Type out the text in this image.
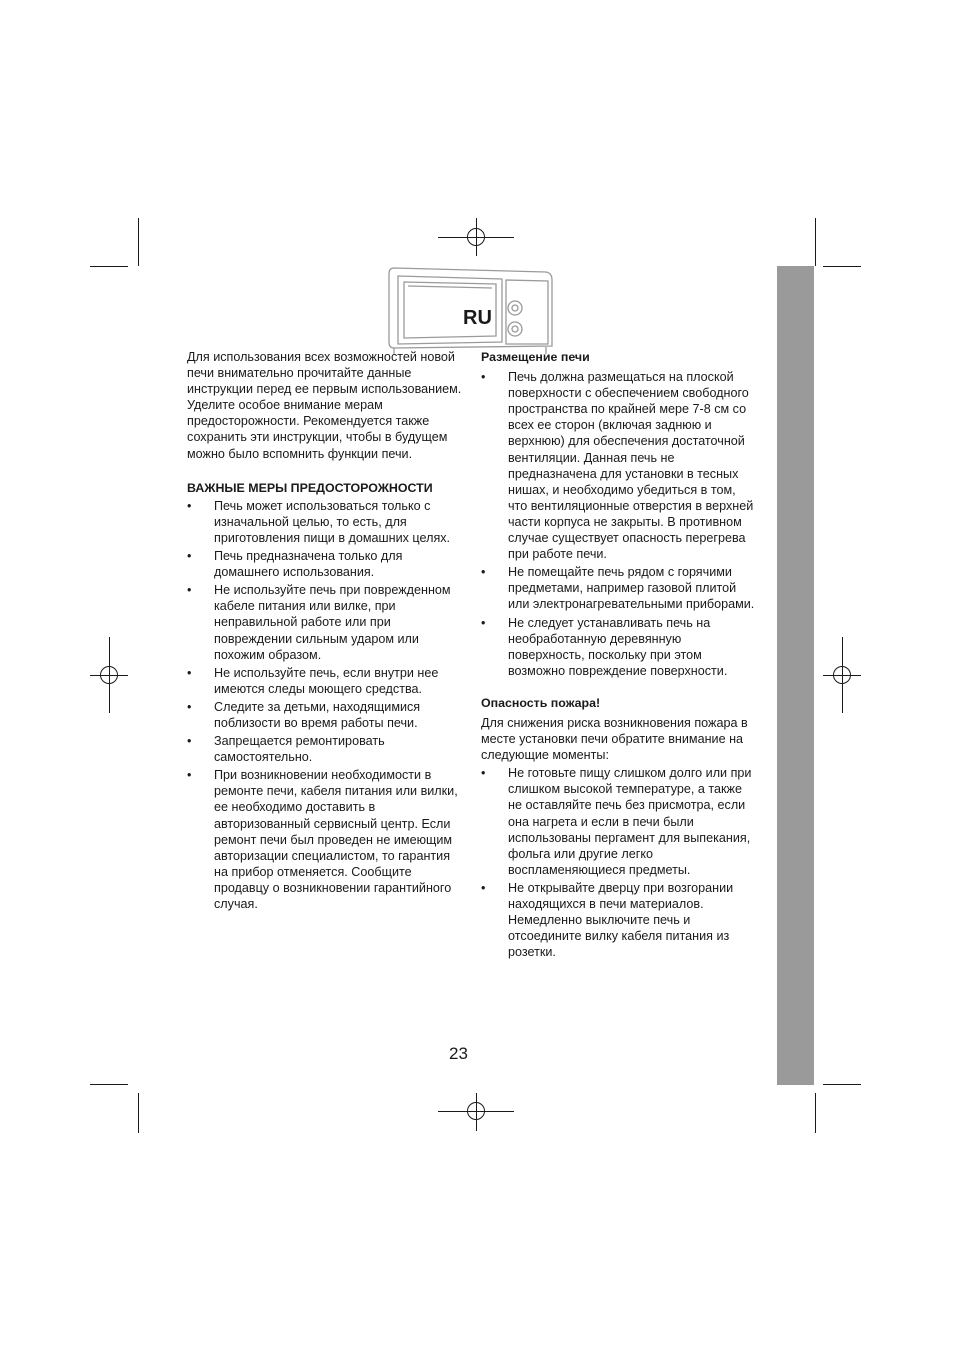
RU

Для использования всех возможностей новой печи внимательно прочитайте данные инструкции перед ее первым использованием. Уделите особое внимание мерам предосторожности. Рекомендуется также сохранить эти инструкции, чтобы в будущем можно было вспомнить функции печи.

ВАЖНЫЕ МЕРЫ ПРЕДОСТОРОЖНОСТИ

•	Печь может использоваться только с изначальной целью, то есть, для приготовления пищи в домашних целях.
•	Печь предназначена только для домашнего использования.
•	Не используйте печь при поврежденном кабеле питания или вилке, при неправильной работе или при повреждении сильным ударом или похожим образом.
•	Не используйте печь, если внутри нее имеются следы моющего средства.
•	Следите за детьми, находящимися поблизости во время работы печи.
•	Запрещается ремонтировать самостоятельно.
•	При возникновении необходимости в ремонте печи, кабеля питания или вилки, ее необходимо доставить в авторизованный сервисный центр. Если ремонт печи был проведен не имеющим авторизации специалистом, то гарантия на прибор отменяется. Сообщите продавцу о возникновении гарантийного случая.

Размещение печи

•	Печь должна размещаться на плоской поверхности с обеспечением свободного пространства по крайней мере 7-8 см со всех ее сторон (включая заднюю и верхнюю) для обеспечения достаточной вентиляции. Данная печь не предназначена для установки в тесных нишах, и необходимо убедиться в том, что вентиляционные отверстия в верхней части корпуса не закрыты. В противном случае существует опасность перегрева при работе печи.
•	Не помещайте печь рядом с горячими предметами, например газовой плитой или электронагревательными приборами.
•	Не следует устанавливать печь на необработанную деревянную поверхность, поскольку при этом возможно повреждение поверхности.

Опасность пожара!

Для снижения риска возникновения пожара в месте установки печи обратите внимание на следующие моменты:

•	Не готовьте пищу слишком долго или при слишком высокой температуре, а также не оставляйте печь без присмотра, если она нагрета и если в печи были использованы пергамент для выпекания, фольга или другие легко воспламеняющиеся предметы.
•	Не открывайте дверцу при возгорании находящихся в печи материалов. Немедленно выключите печь и отсоедините вилку кабеля питания из розетки.
23
